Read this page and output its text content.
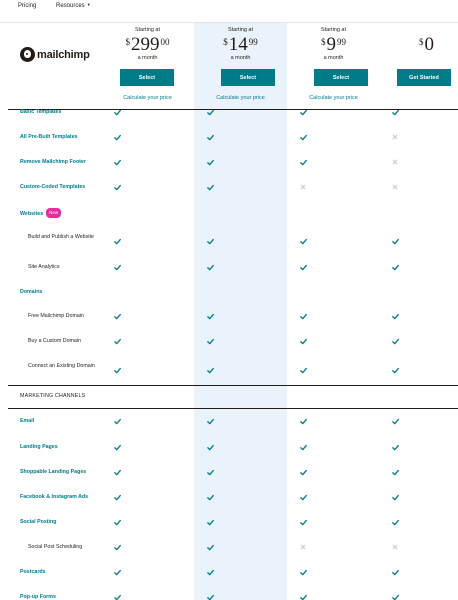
Pricing	Resources ▼
mailchimp
Starting at
$ 299 00
a month
Select
Calculate your price
Starting at
$ 14 99
a month
Select
Calculate your price
Starting at
$ 9 99
a month
Select
Calculate your price
$ 0
Get Started
Basic Templates
All Pre-Built Templates
Remove Mailchimp Footer
Custom-Coded Templates
Websites New
Build and Publish a Website
Site Analytics
Domains
Free Mailchimp Domain
Buy a Custom Domain
Connect an Existing Domain
MARKETING CHANNELS
Email
Landing Pages
Shoppable Landing Pages
Facebook & Instagram Ads
Social Posting
Social Post Scheduling
Postcards
Pop-up Forms
